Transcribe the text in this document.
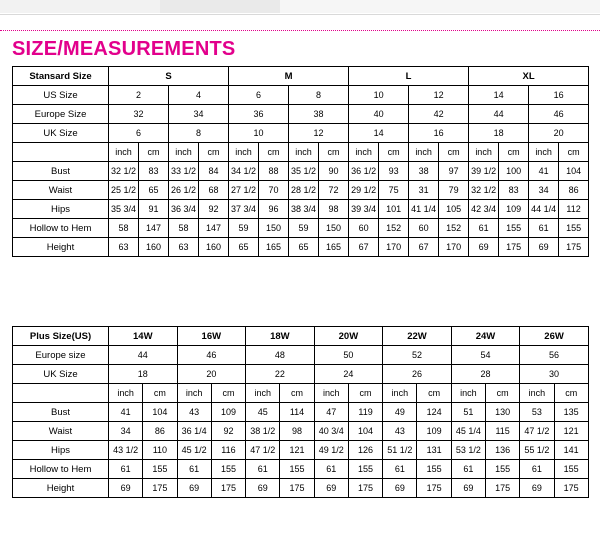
SIZE/MEASUREMENTS
Stansard Size	S				M				L				XL			
US Size	2		4		6		8		10		12		14		16	
Europe Size	32		34		36		38		40		42		44		46	
UK Size	6		8		10		12		14		16		18		20	
	inch	cm	inch	cm	inch	cm	inch	cm	inch	cm	inch	cm	inch	cm	inch	cm
Bust	32 1/2	83	33 1/2	84	34 1/2	88	35 1/2	90	36 1/2	93	38	97	39 1/2	100	41	104
Waist	25 1/2	65	26 1/2	68	27 1/2	70	28 1/2	72	29 1/2	75	31	79	32 1/2	83	34	86
Hips	35 3/4	91	36 3/4	92	37 3/4	96	38 3/4	98	39 3/4	101	41 1/4	105	42 3/4	109	44 1/4	112
Hollow to Hem	58	147	58	147	59	150	59	150	60	152	60	152	61	155	61	155
Height	63	160	63	160	65	165	65	165	67	170	67	170	69	175	69	175
Plus Size(US)	14W		16W		18W		20W		22W		24W		26W	
Europe size	44		46		48		50		52		54		56	
UK Size	18		20		22		24		26		28		30	
	inch	cm	inch	cm	inch	cm	inch	cm	inch	cm	inch	cm	inch	cm
Bust	41	104	43	109	45	114	47	119	49	124	51	130	53	135
Waist	34	86	36 1/4	92	38 1/2	98	40 3/4	104	43	109	45 1/4	115	47 1/2	121
Hips	43 1/2	110	45 1/2	116	47 1/2	121	49 1/2	126	51 1/2	131	53 1/2	136	55 1/2	141
Hollow to Hem	61	155	61	155	61	155	61	155	61	155	61	155	61	155
Height	69	175	69	175	69	175	69	175	69	175	69	175	69	175
